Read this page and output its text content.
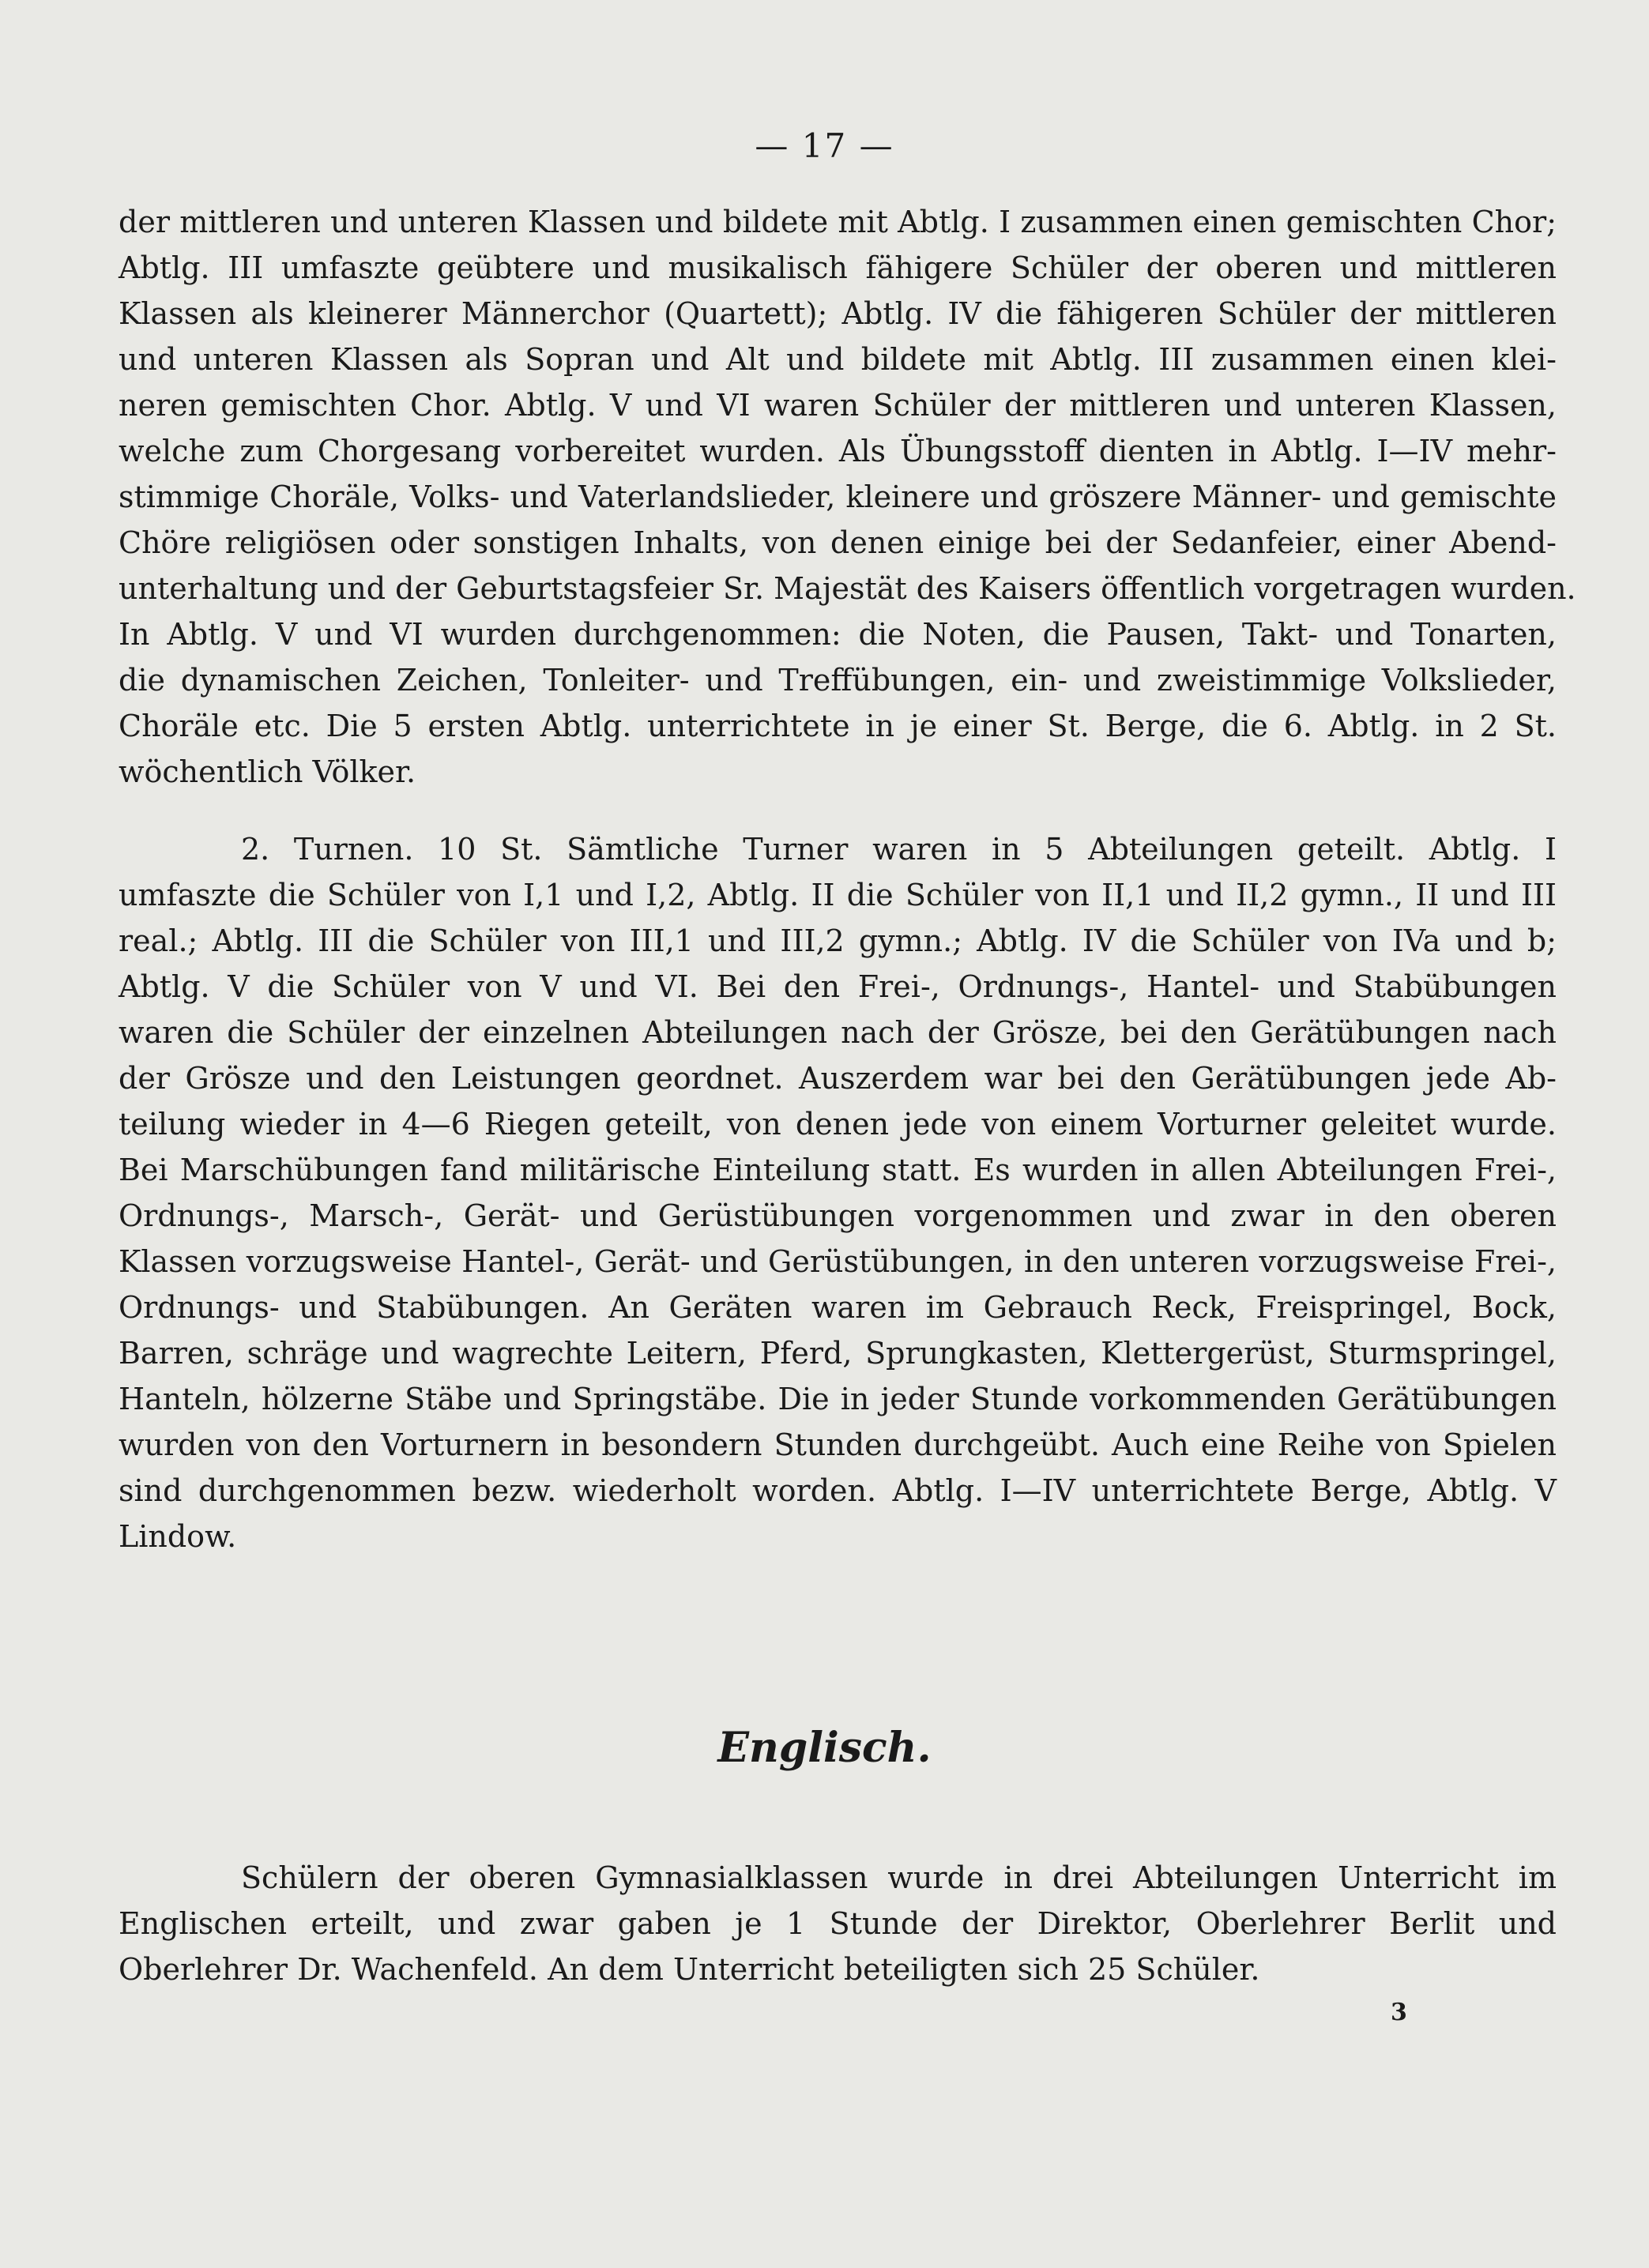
— 17 —
der mittleren und unteren Klassen und bildete mit Abtlg. I zusammen einen gemischten Chor;
Abtlg. III umfaszte geübtere und musikalisch fähigere Schüler der oberen und mittleren
Klassen als kleinerer Männerchor (Quartett); Abtlg. IV die fähigeren Schüler der mittleren
und unteren Klassen als Sopran und Alt und bildete mit Abtlg. III zusammen einen klei-
neren gemischten Chor. Abtlg. V und VI waren Schüler der mittleren und unteren Klassen,
welche zum Chorgesang vorbereitet wurden. Als Übungsstoff dienten in Abtlg. I—IV mehr-
stimmige Choräle, Volks- und Vaterlandslieder, kleinere und gröszere Männer- und gemischte
Chöre religiösen oder sonstigen Inhalts, von denen einige bei der Sedanfeier, einer Abend-
unterhaltung und der Geburtstagsfeier Sr. Majestät des Kaisers öffentlich vorgetragen wurden.
In Abtlg. V und VI wurden durchgenommen: die Noten, die Pausen, Takt- und Tonarten,
die dynamischen Zeichen, Tonleiter- und Treffübungen, ein- und zweistimmige Volkslieder,
Choräle etc. Die 5 ersten Abtlg. unterrichtete in je einer St. Berge, die 6. Abtlg. in 2 St.
wöchentlich Völker.
2. Turnen. 10 St. Sämtliche Turner waren in 5 Abteilungen geteilt. Abtlg. I
umfaszte die Schüler von I,1 und I,2, Abtlg. II die Schüler von II,1 und II,2 gymn., II und III
real.; Abtlg. III die Schüler von III,1 und III,2 gymn.; Abtlg. IV die Schüler von IVa und b;
Abtlg. V die Schüler von V und VI. Bei den Frei-, Ordnungs-, Hantel- und Stabübungen
waren die Schüler der einzelnen Abteilungen nach der Grösze, bei den Gerätübungen nach
der Grösze und den Leistungen geordnet. Auszerdem war bei den Gerätübungen jede Ab-
teilung wieder in 4—6 Riegen geteilt, von denen jede von einem Vorturner geleitet wurde.
Bei Marschübungen fand militärische Einteilung statt. Es wurden in allen Abteilungen Frei-,
Ordnungs-, Marsch-, Gerät- und Gerüstübungen vorgenommen und zwar in den oberen
Klassen vorzugsweise Hantel-, Gerät- und Gerüstübungen, in den unteren vorzugsweise Frei-,
Ordnungs- und Stabübungen. An Geräten waren im Gebrauch Reck, Freispringel, Bock,
Barren, schräge und wagrechte Leitern, Pferd, Sprungkasten, Klettergerüst, Sturmspringel,
Hanteln, hölzerne Stäbe und Springstäbe. Die in jeder Stunde vorkommenden Gerätübungen
wurden von den Vorturnern in besondern Stunden durchgeübt. Auch eine Reihe von Spielen
sind durchgenommen bezw. wiederholt worden. Abtlg. I—IV unterrichtete Berge, Abtlg. V
Lindow.
Englisch.
Schülern der oberen Gymnasialklassen wurde in drei Abteilungen Unterricht im
Englischen erteilt, und zwar gaben je 1 Stunde der Direktor, Oberlehrer Berlit und
Oberlehrer Dr. Wachenfeld. An dem Unterricht beteiligten sich 25 Schüler.
3
